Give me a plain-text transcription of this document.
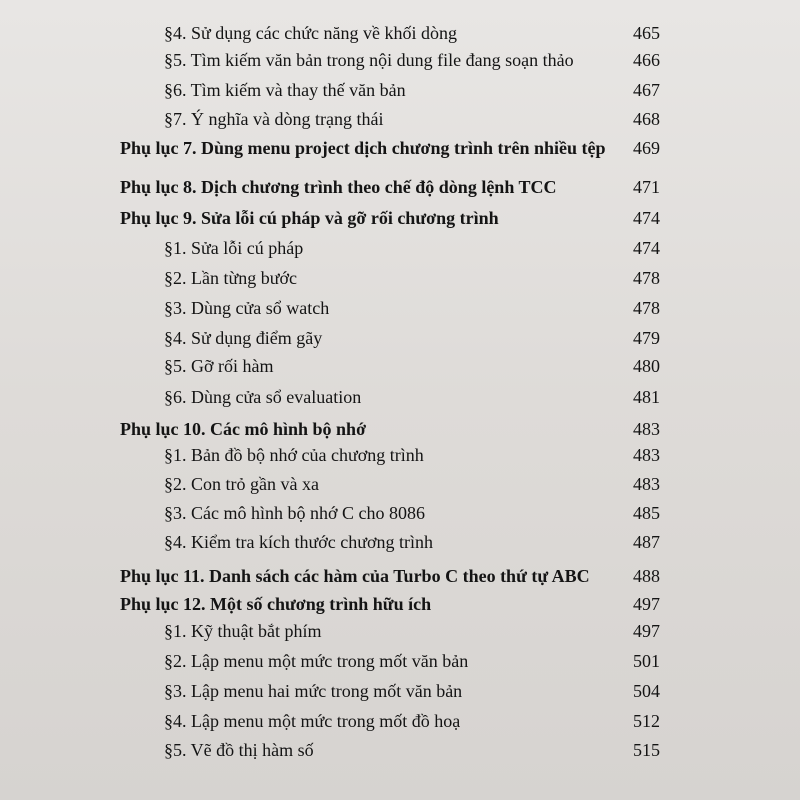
§4. Sử dụng các chức năng về khối dòng	465
§5. Tìm kiếm văn bản trong nội dung file đang soạn thảo	466
§6. Tìm kiếm và thay thế văn bản	467
§7. Ý nghĩa và dòng trạng thái	468
Phụ lục 7. Dùng menu project dịch chương trình trên nhiều tệp 469
Phụ lục 8. Dịch chương trình theo chế độ dòng lệnh TCC	471
Phụ lục 9. Sửa lỗi cú pháp và gỡ rối chương trình	474
§1. Sửa lỗi cú pháp	474
§2. Lần từng bước	478
§3. Dùng cửa sổ watch	478
§4. Sử dụng điểm gãy	479
§5. Gỡ rối hàm	480
§6. Dùng cửa sổ evaluation	481
Phụ lục 10. Các mô hình bộ nhớ	483
§1. Bản đồ bộ nhớ của chương trình	483
§2. Con trỏ gần và xa	483
§3. Các mô hình bộ nhớ C cho 8086	485
§4. Kiểm tra kích thước chương trình	487
Phụ lục 11. Danh sách các hàm của Turbo C theo thứ tự ABC 488
Phụ lục 12. Một số chương trình hữu ích	497
§1. Kỹ thuật bắt phím	497
§2. Lập menu một mức trong mốt văn bản	501
§3. Lập menu hai mức trong mốt văn bản	504
§4. Lập menu một mức trong mốt đồ hoạ	512
§5. Vẽ đồ thị hàm số	515
